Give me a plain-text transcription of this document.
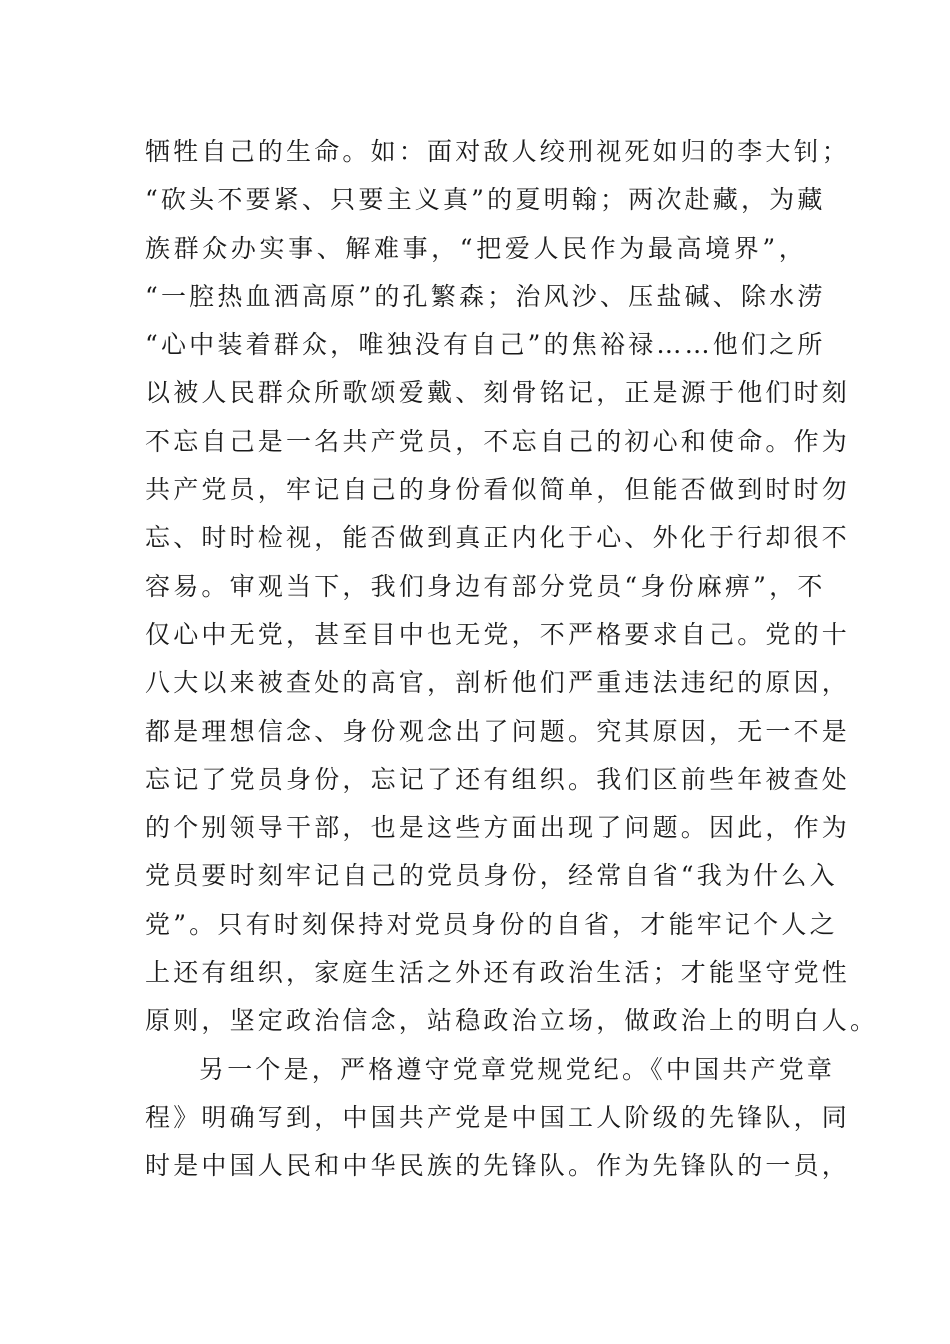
牺牲自己的生命。如：面对敌人绞刑视死如归的李大钊；
“砍头不要紧、只要主义真”的夏明翰；两次赴藏，为藏
族群众办实事、解难事，“把爱人民作为最高境界”，
“一腔热血洒高原”的孔繁森；治风沙、压盐碱、除水涝
“心中装着群众，唯独没有自己”的焦裕禄……他们之所
以被人民群众所歌颂爱戴、刻骨铭记，正是源于他们时刻
不忘自己是一名共产党员，不忘自己的初心和使命。作为
共产党员，牢记自己的身份看似简单，但能否做到时时勿
忘、时时检视，能否做到真正内化于心、外化于行却很不
容易。审观当下，我们身边有部分党员“身份麻痹”，不
仅心中无党，甚至目中也无党，不严格要求自己。党的十
八大以来被查处的高官，剖析他们严重违法违纪的原因，
都是理想信念、身份观念出了问题。究其原因，无一不是
忘记了党员身份，忘记了还有组织。我们区前些年被查处
的个别领导干部，也是这些方面出现了问题。因此，作为
党员要时刻牢记自己的党员身份，经常自省“我为什么入
党”。只有时刻保持对党员身份的自省，才能牢记个人之
上还有组织，家庭生活之外还有政治生活；才能坚守党性
原则，坚定政治信念，站稳政治立场，做政治上的明白人。
另一个是，严格遵守党章党规党纪。《中国共产党章
程》明确写到，中国共产党是中国工人阶级的先锋队，同
时是中国人民和中华民族的先锋队。作为先锋队的一员，
